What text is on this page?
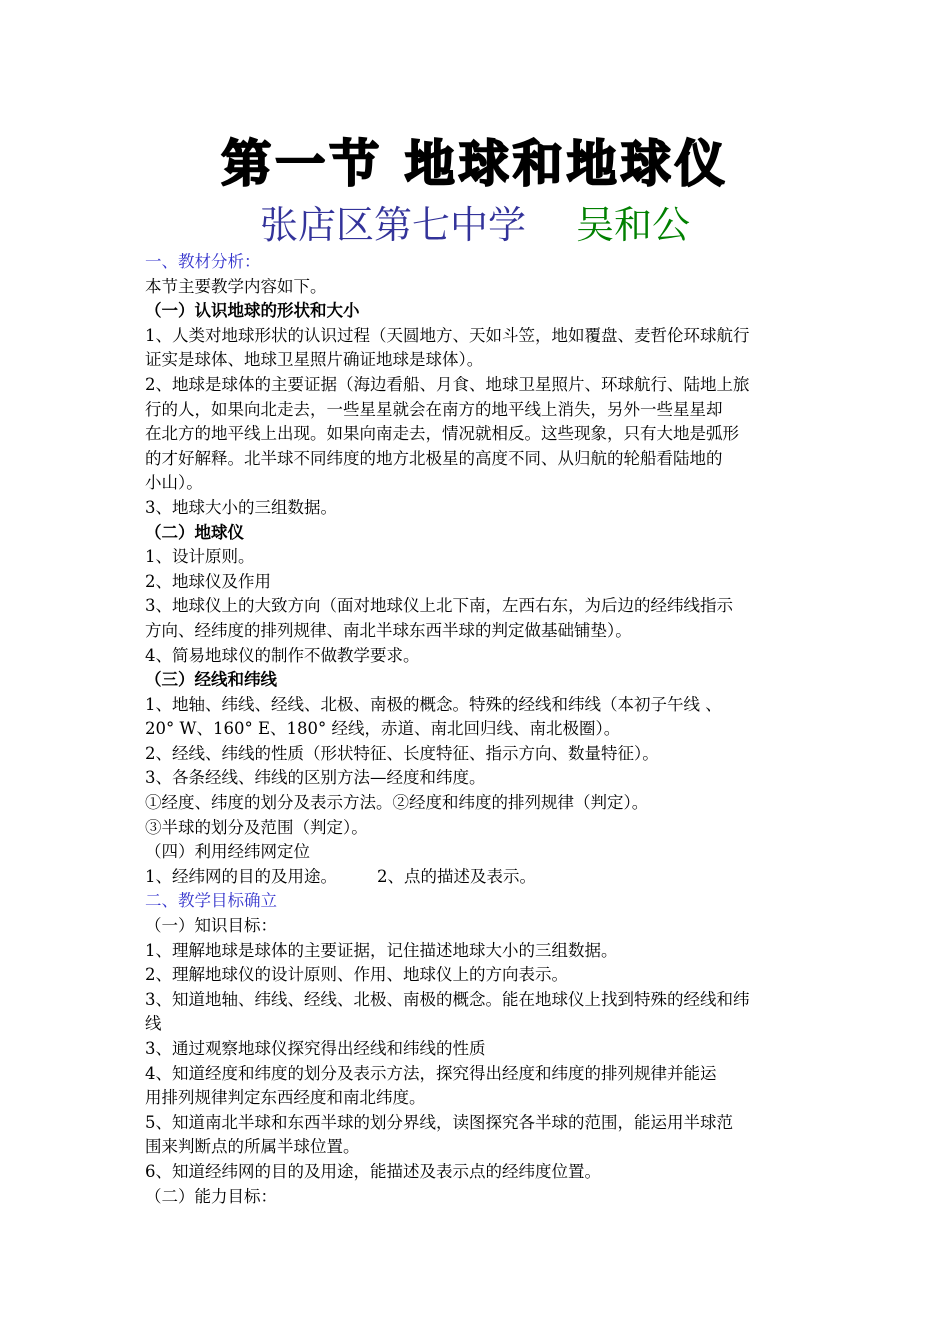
第一节 地球和地球仪
张店区第七中学 吴和公
一、教材分析：
本节主要教学内容如下。
（一）认识地球的形状和大小
1、人类对地球形状的认识过程（天圆地方、天如斗笠，地如覆盘、麦哲伦环球航行
证实是球体、地球卫星照片确证地球是球体）。
2、地球是球体的主要证据（海边看船、月食、地球卫星照片、环球航行、陆地上旅
行的人，如果向北走去，一些星星就会在南方的地平线上消失，另外一些星星却
在北方的地平线上出现。如果向南走去，情况就相反。这些现象，只有大地是弧形
的才好解释。北半球不同纬度的地方北极星的高度不同、从归航的轮船看陆地的
小山）。
3、地球大小的三组数据。
（二）地球仪
1、设计原则。
2、地球仪及作用
3、地球仪上的大致方向（面对地球仪上北下南，左西右东，为后边的经纬线指示
方向、经纬度的排列规律、南北半球东西半球的判定做基础铺垫）。
4、简易地球仪的制作不做教学要求。
（三）经线和纬线
1、地轴、纬线、经线、北极、南极的概念。特殊的经线和纬线（本初子午线 、
20° W、160° E、180° 经线，赤道、南北回归线、南北极圈）。
2、经线、纬线的性质（形状特征、长度特征、指示方向、数量特征）。
3、各条经线、纬线的区别方法—经度和纬度。
①经度、纬度的划分及表示方法。②经度和纬度的排列规律（判定）。
③半球的划分及范围（判定）。
（四）利用经纬网定位
1、经纬网的目的及用途。 2、点的描述及表示。
二、教学目标确立
（一）知识目标：
1、理解地球是球体的主要证据，记住描述地球大小的三组数据。
2、理解地球仪的设计原则、作用、地球仪上的方向表示。
3、知道地轴、纬线、经线、北极、南极的概念。能在地球仪上找到特殊的经线和纬
线
3、通过观察地球仪探究得出经线和纬线的性质
4、知道经度和纬度的划分及表示方法，探究得出经度和纬度的排列规律并能运
用排列规律判定东西经度和南北纬度。
5、知道南北半球和东西半球的划分界线，读图探究各半球的范围，能运用半球范
围来判断点的所属半球位置。
6、知道经纬网的目的及用途，能描述及表示点的经纬度位置。
（二）能力目标：
